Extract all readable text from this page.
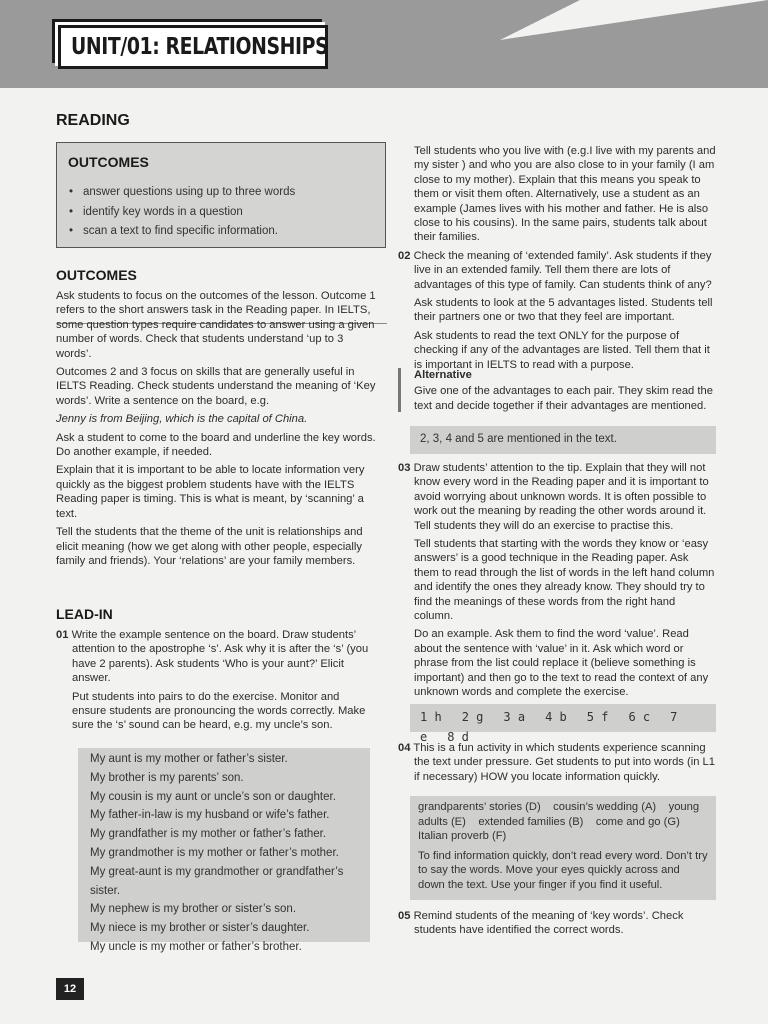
UNIT/01: RELATIONSHIPS
READING
OUTCOMES
• answer questions using up to three words
• identify key words in a question
• scan a text to find specific information.
OUTCOMES

Ask students to focus on the outcomes of the lesson. Outcome 1 refers to the short answers task in the Reading paper. In IELTS, some question types require candidates to answer using a given number of words. Check that students understand ‘up to 3 words’.

Outcomes 2 and 3 focus on skills that are generally useful in IELTS Reading. Check students understand the meaning of ‘Key words’. Write a sentence on the board, e.g.

Jenny is from Beijing, which is the capital of China.

Ask a student to come to the board and underline the key words. Do another example, if needed.

Explain that it is important to be able to locate information very quickly as the biggest problem students have with the IELTS Reading paper is timing. This is what is meant, by ‘scanning’ a text.

Tell the students that the theme of the unit is relationships and elicit meaning (how we get along with other people, especially family and friends). Your ‘relations’ are your family members.

LEAD-IN

01 Write the example sentence on the board. Draw students’ attention to the apostrophe ‘s’. Ask why it is after the ‘s’ (you have 2 parents). Ask students ‘Who is your aunt?’ Elicit answer.

Put students into pairs to do the exercise. Monitor and ensure students are pronouncing the words correctly. Make sure the ‘s’ sound can be heard, e.g. my uncle’s son.

My aunt is my mother or father’s sister.
My brother is my parents’ son.
My cousin is my aunt or uncle’s son or daughter.
My father-in-law is my husband or wife’s father.
My grandfather is my mother or father’s father.
My grandmother is my mother or father’s mother.
My great-aunt is my grandmother or grandfather’s sister.
My nephew is my brother or sister’s son.
My niece is my brother or sister’s daughter.
My uncle is my mother or father’s brother.

Tell students who you live with (e.g.I live with my parents and my sister ) and who you are also close to in your family (I am close to my mother). Explain that this means you speak to them or visit them often. Alternatively, use a student as an example (James lives with his mother and father. He is also close to his cousins). In the same pairs, students talk about their families.

02 Check the meaning of ‘extended family’. Ask students if they live in an extended family. Tell them there are lots of advantages of this type of family. Can students think of any?

Ask students to look at the 5 advantages listed. Students tell their partners one or two that they feel are important.

Ask students to read the text ONLY for the purpose of checking if any of the advantages are listed. Tell them that it is important in IELTS to read with a purpose.

Alternative

Give one of the advantages to each pair. They skim read the text and decide together if their advantages are mentioned.

2, 3, 4 and 5 are mentioned in the text.

03 Draw students’ attention to the tip. Explain that they will not know every word in the Reading paper and it is important to avoid worrying about unknown words. It is often possible to work out the meaning by reading the other words around it. Tell students they will do an exercise to practise this.

Tell students that starting with the words they know or ‘easy answers’ is a good technique in the Reading paper. Ask them to read through the list of words in the left hand column and identify the ones they already know. They should try to find the meanings of these words from the right hand column.

Do an example. Ask them to find the word ‘value’. Read about the sentence with ‘value’ in it. Ask which word or phrase from the list could replace it (believe something is important) and then go to the text to read the context of any unknown words and complete the exercise.

1 h 2 g 3 a 4 b 5 f 6 c 7 e 8 d

04 This is a fun activity in which students experience scanning the text under pressure. Get students to put into words (in L1 if necessary) HOW you locate information quickly.

grandparents’ stories (D) cousin’s wedding (A) young
adults (E) extended families (B) come and go (G)
Italian proverb (F)
To find information quickly, don’t read every word. Don’t try to say the words. Move your eyes quickly across and down the text. Use your finger if you find it useful.

05 Remind students of the meaning of ‘key words’. Check students have identified the correct words.

12
